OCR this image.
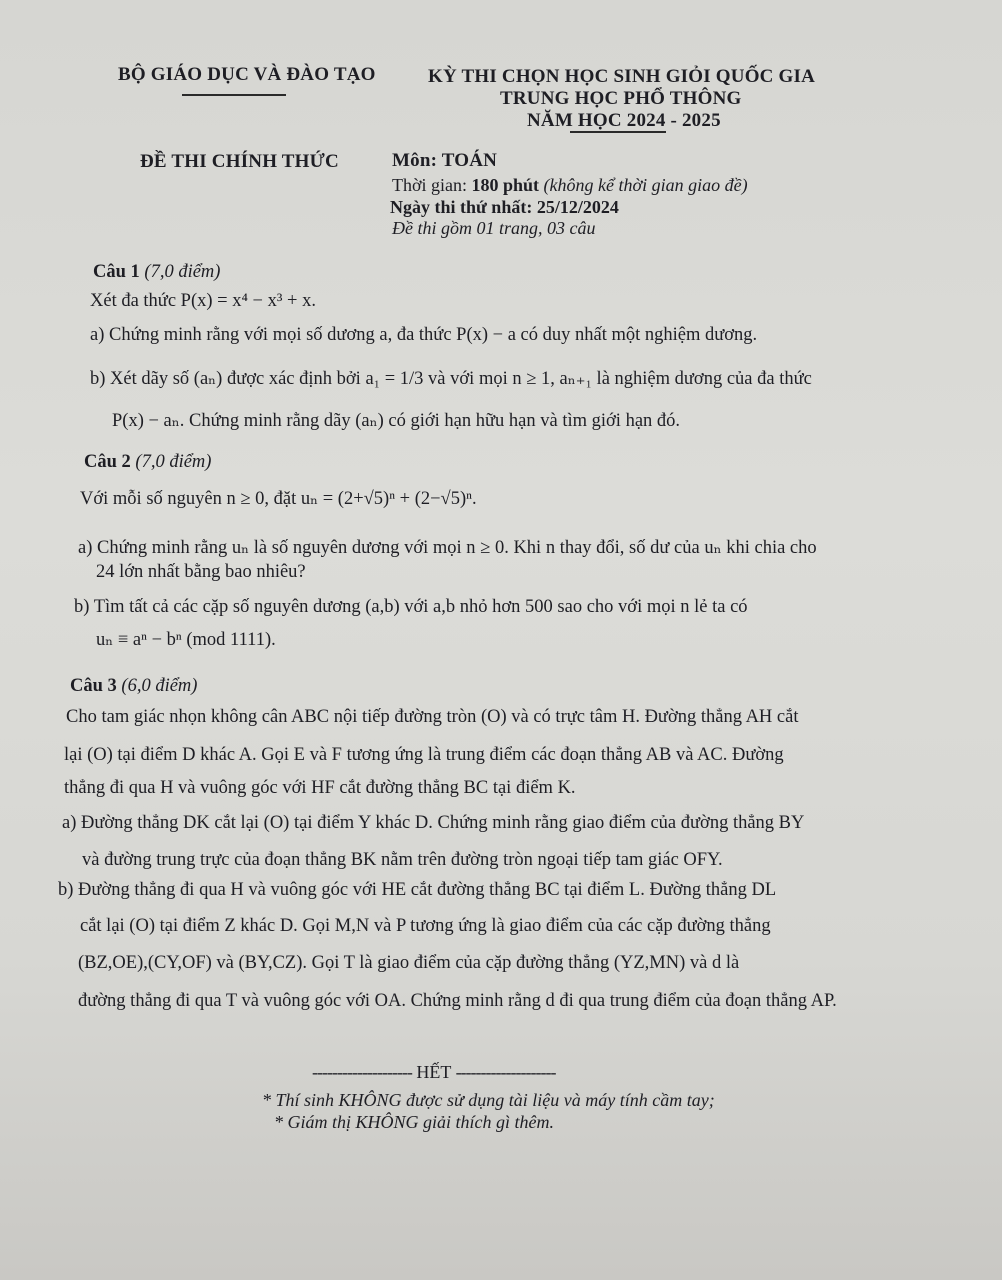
BỘ GIÁO DỤC VÀ ĐÀO TẠO	KỲ THI CHỌN HỌC SINH GIỎI QUỐC GIA
TRUNG HỌC PHỔ THÔNG
NĂM HỌC 2024 - 2025
ĐỀ THI CHÍNH THỨC	Môn: TOÁN
Thời gian: 180 phút (không kể thời gian giao đề)
Ngày thi thứ nhất: 25/12/2024
Đề thi gồm 01 trang, 03 câu
Câu 1 (7,0 điểm)
Xét đa thức P(x) = x⁴ − x³ + x.
a) Chứng minh rằng với mọi số dương a, đa thức P(x) − a có duy nhất một nghiệm dương.
b) Xét dãy số (aₙ) được xác định bởi a₁ = 1/3 và với mọi n ≥ 1, aₙ₊₁ là nghiệm dương của đa thức
P(x) − aₙ. Chứng minh rằng dãy (aₙ) có giới hạn hữu hạn và tìm giới hạn đó.
Câu 2 (7,0 điểm)
Với mỗi số nguyên n ≥ 0, đặt uₙ = (2+√5)ⁿ + (2−√5)ⁿ.
a) Chứng minh rằng uₙ là số nguyên dương với mọi n ≥ 0. Khi n thay đổi, số dư của uₙ khi chia cho
24 lớn nhất bằng bao nhiêu?
b) Tìm tất cả các cặp số nguyên dương (a,b) với a,b nhỏ hơn 500 sao cho với mọi n lẻ ta có
uₙ ≡ aⁿ − bⁿ (mod 1111).
Câu 3 (6,0 điểm)
Cho tam giác nhọn không cân ABC nội tiếp đường tròn (O) và có trực tâm H. Đường thẳng AH cắt
lại (O) tại điểm D khác A. Gọi E và F tương ứng là trung điểm các đoạn thẳng AB và AC. Đường
thẳng đi qua H và vuông góc với HF cắt đường thẳng BC tại điểm K.
a) Đường thẳng DK cắt lại (O) tại điểm Y khác D. Chứng minh rằng giao điểm của đường thẳng BY
và đường trung trực của đoạn thẳng BK nằm trên đường tròn ngoại tiếp tam giác OFY.
b) Đường thẳng đi qua H và vuông góc với HE cắt đường thẳng BC tại điểm L. Đường thẳng DL
cắt lại (O) tại điểm Z khác D. Gọi M,N và P tương ứng là giao điểm của các cặp đường thẳng
(BZ,OE),(CY,OF) và (BY,CZ). Gọi T là giao điểm của cặp đường thẳng (YZ,MN) và d là
đường thẳng đi qua T và vuông góc với OA. Chứng minh rằng d đi qua trung điểm của đoạn thẳng AP.
-------------------- HẾT --------------------
* Thí sinh KHÔNG được sử dụng tài liệu và máy tính cầm tay;
* Giám thị KHÔNG giải thích gì thêm.
